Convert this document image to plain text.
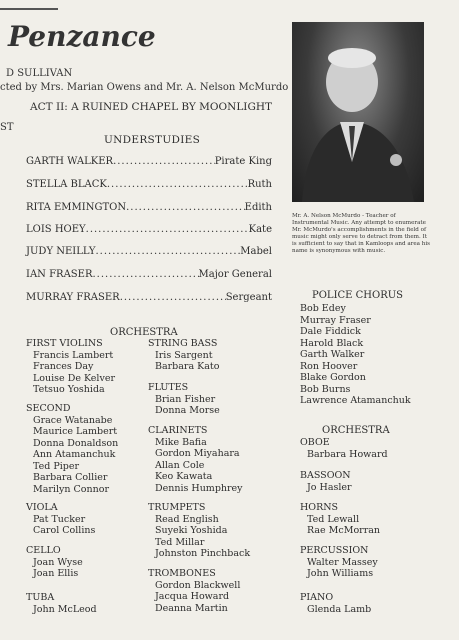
Penzance
D SULLIVAN
cted by Mrs. Marian Owens and Mr. A. Nelson McMurdo
ACT II: A RUINED CHAPEL BY MOONLIGHT
ST
UNDERSTUDIES
GARTH WALKER .....	Pirate King
STELLA BLACK .....	Ruth
RITA EMMINGTON .....	Edith
LOIS HOEY .....	Kate
JUDY NEILLY .....	Mabel
IAN FRASER .....	Major General
MURRAY FRASER .....	Sergeant
Mr. A. Nelson McMurdo - Teacher of Instrumental Music. Any attempt to enumerate Mr. McMurdo's accomplishments in the field of music might only serve to detract from them. It is sufficient to say that in Kamloops and area his name is synonymous with music.
ORCHESTRA
FIRST VIOLINS
Francis Lambert
Frances Day
Louise De Kelver
Tetsuo Yoshida
SECOND
Grace Watanabe
Maurice Lambert
Donna Donaldson
Ann Atamanchuk
Ted Piper
Barbara Collier
Marilyn Connor
VIOLA
Pat Tucker
Carol Collins
CELLO
Joan Wyse
Joan Ellis
TUBA
John McLeod
STRING BASS
Iris Sargent
Barbara Kato
FLUTES
Brian Fisher
Donna Morse
CLARINETS
Mike Bafia
Gordon Miyahara
Allan Cole
Keo Kawata
Dennis Humphrey
TRUMPETS
Read English
Suyeki Yoshida
Ted Millar
Johnston Pinchback
TROMBONES
Gordon Blackwell
Jacqua Howard
Deanna Martin
POLICE CHORUS
Bob Edey
Murray Fraser
Dale Fiddick
Harold Black
Garth Walker
Ron Hoover
Blake Gordon
Bob Burns
Lawrence Atamanchuk
ORCHESTRA
OBOE
Barbara Howard
BASSOON
Jo Hasler
HORNS
Ted Lewall
Rae McMorran
PERCUSSION
Walter Massey
John Williams
PIANO
Glenda Lamb
